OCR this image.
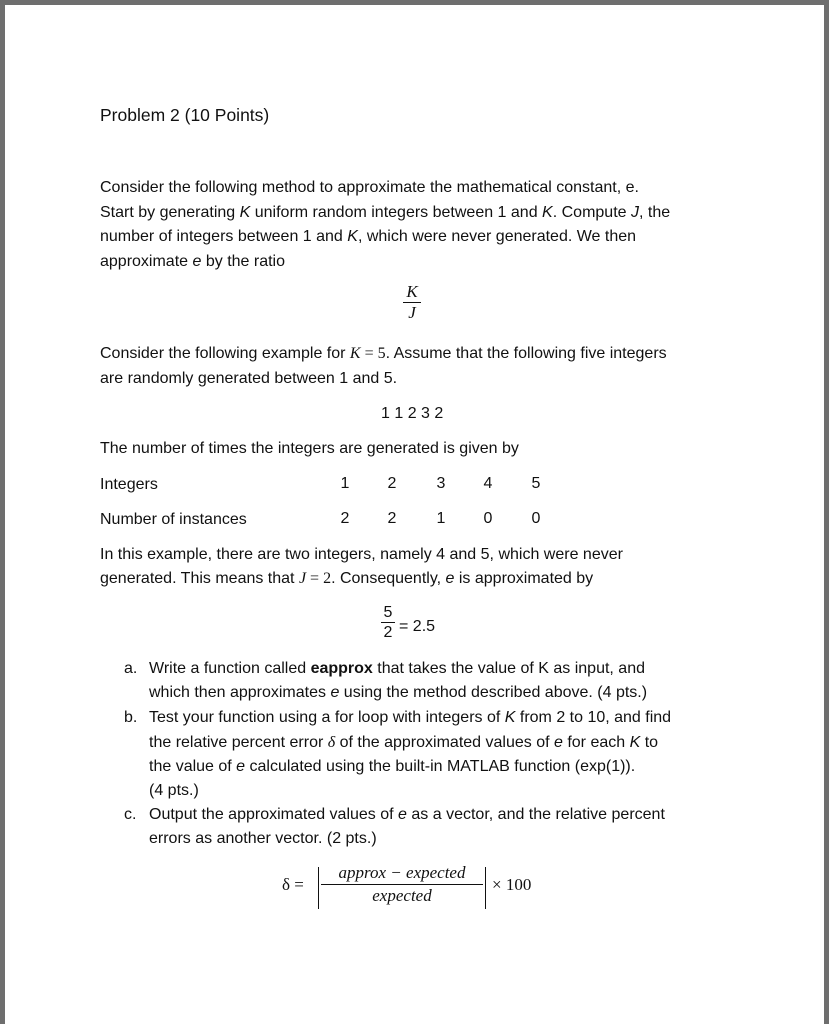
Problem 2 (10 Points)
Consider the following method to approximate the mathematical constant, e.
Start by generating K uniform random integers between 1 and K. Compute J, the
number of integers between 1 and K, which were never generated. We then
approximate e by the ratio
K
J
Consider the following example for K = 5. Assume that the following five integers
are randomly generated between 1 and 5.
1 1 2 3 2
The number of times the integers are generated is given by
Integers	1	2	3	4	5
Number of instances	2	2	1	0	0
In this example, there are two integers, namely 4 and 5, which were never
generated. This means that J = 2. Consequently, e is approximated by
5
2 = 2.5
a. Write a function called eapprox that takes the value of K as input, and
which then approximates e using the method described above. (4 pts.)
b. Test your function using a for loop with integers of K from 2 to 10, and find
the relative percent error δ of the approximated values of e for each K to
the value of e calculated using the built-in MATLAB function (exp(1)).
(4 pts.)
c. Output the approximated values of e as a vector, and the relative percent
errors as another vector. (2 pts.)
δ =
approx − expected
expected
× 100
